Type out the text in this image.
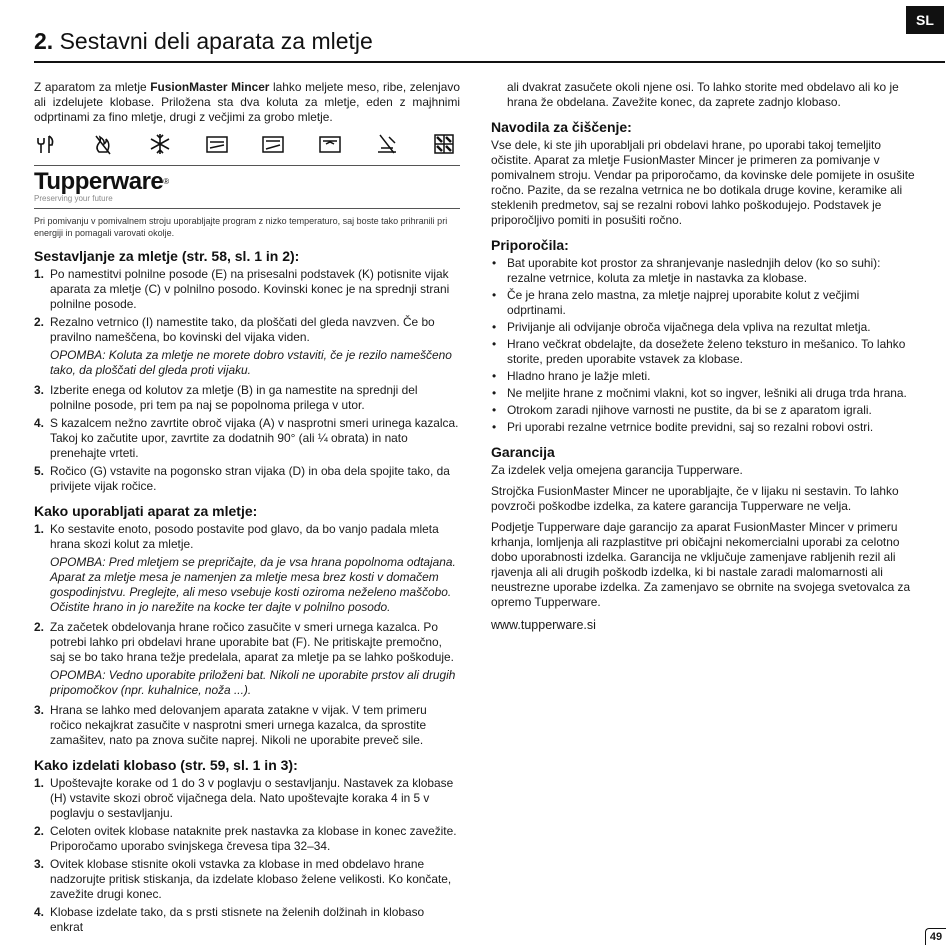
SL
2. Sestavni deli aparata za mletje

Z aparatom za mletje FusionMaster Mincer lahko meljete meso, ribe, zelenjavo ali izdelujete klobase. Priložena sta dva koluta za mletje, eden z majhnimi odprtinami za fino mletje, drugi z večjimi za grobo mletje.

Tupperware®
Preserving your future

Pri pomivanju v pomivalnem stroju uporabljajte program z nizko temperaturo, saj boste tako prihranili pri energiji in pomagali varovati okolje.

Sestavljanje za mletje (str. 58, sl. 1 in 2):
1. Po namestitvi polnilne posode (E) na prisesalni podstavek (K) potisnite vijak aparata za mletje (C) v polnilno posodo. Kovinski konec je na sprednji strani polnilne posode.
2. Rezalno vetrnico (I) namestite tako, da ploščati del gleda navzven. Če bo pravilno nameščena, bo kovinski del vijaka viden.

OPOMBA: Koluta za mletje ne morete dobro vstaviti, če je rezilo nameščeno tako, da ploščati del gleda proti vijaku.

3. Izberite enega od kolutov za mletje (B) in ga namestite na sprednji del polnilne posode, pri tem pa naj se popolnoma prilega v utor.
4. S kazalcem nežno zavrtite obroč vijaka (A) v nasprotni smeri urinega kazalca. Takoj ko začutite upor, zavrtite za dodatnih 90° (ali ¼ obrata) in nato prenehajte vrteti.
5. Ročico (G) vstavite na pogonsko stran vijaka (D) in oba dela spojite tako, da privijete vijak ročice.
Kako uporabljati aparat za mletje:
1. Ko sestavite enoto, posodo postavite pod glavo, da bo vanjo padala mleta hrana skozi kolut za mletje.

OPOMBA: Pred mletjem se prepričajte, da je vsa hrana popolnoma odtajana. Aparat za mletje mesa je namenjen za mletje mesa brez kosti v domačem gospodinjstvu. Preglejte, ali meso vsebuje kosti oziroma neželeno maščobo. Očistite hrano in jo narežite na kocke ter dajte v polnilno posodo.

2. Za začetek obdelovanja hrane ročico zasučite v smeri urnega kazalca. Po potrebi lahko pri obdelavi hrane uporabite bat (F). Ne pritiskajte premočno, saj se bo tako hrana težje predelala, aparat za mletje pa se lahko poškoduje.

OPOMBA: Vedno uporabite priloženi bat. Nikoli ne uporabite prstov ali drugih pripomočkov (npr. kuhalnice, noža ...).

3. Hrana se lahko med delovanjem aparata zatakne v vijak. V tem primeru ročico nekajkrat zasučite v nasprotni smeri urnega kazalca, da sprostite zamašitev, nato pa znova sučite naprej. Nikoli ne uporabite preveč sile.
Kako izdelati klobaso (str. 59, sl. 1 in 3):
1. Upoštevajte korake od 1 do 3 v poglavju o sestavljanju. Nastavek za klobase (H) vstavite skozi obroč vijačnega dela. Nato upoštevajte koraka 4 in 5 v poglavju o sestavljanju.
2. Celoten ovitek klobase nataknite prek nastavka za klobase in konec zavežite. Priporočamo uporabo svinjskega črevesa tipa 32–34.
3. Ovitek klobase stisnite okoli vstavka za klobase in med obdelavo hrane nadzorujte pritisk stiskanja, da izdelate klobaso želene velikosti. Ko končate, zavežite drugi konec.
4. Klobase izdelate tako, da s prsti stisnete na želenih dolžinah in klobaso enkrat

ali dvakrat zasučete okoli njene osi. To lahko storite med obdelavo ali ko je hrana že obdelana. Zavežite konec, da zaprete zadnjo klobaso.

Navodila za čiščenje:

Vse dele, ki ste jih uporabljali pri obdelavi hrane, po uporabi takoj temeljito očistite. Aparat za mletje FusionMaster Mincer je primeren za pomivanje v pomivalnem stroju. Vendar pa priporočamo, da kovinske dele pomijete in osušite ročno. Pazite, da se rezalna vetrnica ne bo dotikala druge kovine, keramike ali steklenih predmetov, saj se rezalni robovi lahko poškodujejo. Podstavek je priporočljivo pomiti in posušiti ročno.

Priporočila:
• Bat uporabite kot prostor za shranjevanje naslednjih delov (ko so suhi): rezalne vetrnice, koluta za mletje in nastavka za klobase.
• Če je hrana zelo mastna, za mletje najprej uporabite kolut z večjimi odprtinami.
• Privijanje ali odvijanje obroča vijačnega dela vpliva na rezultat mletja.
• Hrano večkrat obdelajte, da dosežete želeno teksturo in mešanico. To lahko storite, preden uporabite vstavek za klobase.
• Hladno hrano je lažje mleti.
• Ne meljite hrane z močnimi vlakni, kot so ingver, lešniki ali druga trda hrana.
• Otrokom zaradi njihove varnosti ne pustite, da bi se z aparatom igrali.
• Pri uporabi rezalne vetrnice bodite previdni, saj so rezalni robovi ostri.
Garancija

Za izdelek velja omejena garancija Tupperware.

Strojčka FusionMaster Mincer ne uporabljajte, če v lijaku ni sestavin. To lahko povzroči poškodbe izdelka, za katere garancija Tupperware ne velja.

Podjetje Tupperware daje garancijo za aparat FusionMaster Mincer v primeru krhanja, lomljenja ali razplastitve pri običajni nekomercialni uporabi za celotno dobo uporabnosti izdelka. Garancija ne vključuje zamenjave rabljenih rezil ali rjavenja ali ali drugih poškodb izdelka, ki bi nastale zaradi malomarnosti ali neustrezne uporabe izdelka. Za zamenjavo se obrnite na svojega svetovalca za opremo Tupperware.

www.tupperware.si
49
